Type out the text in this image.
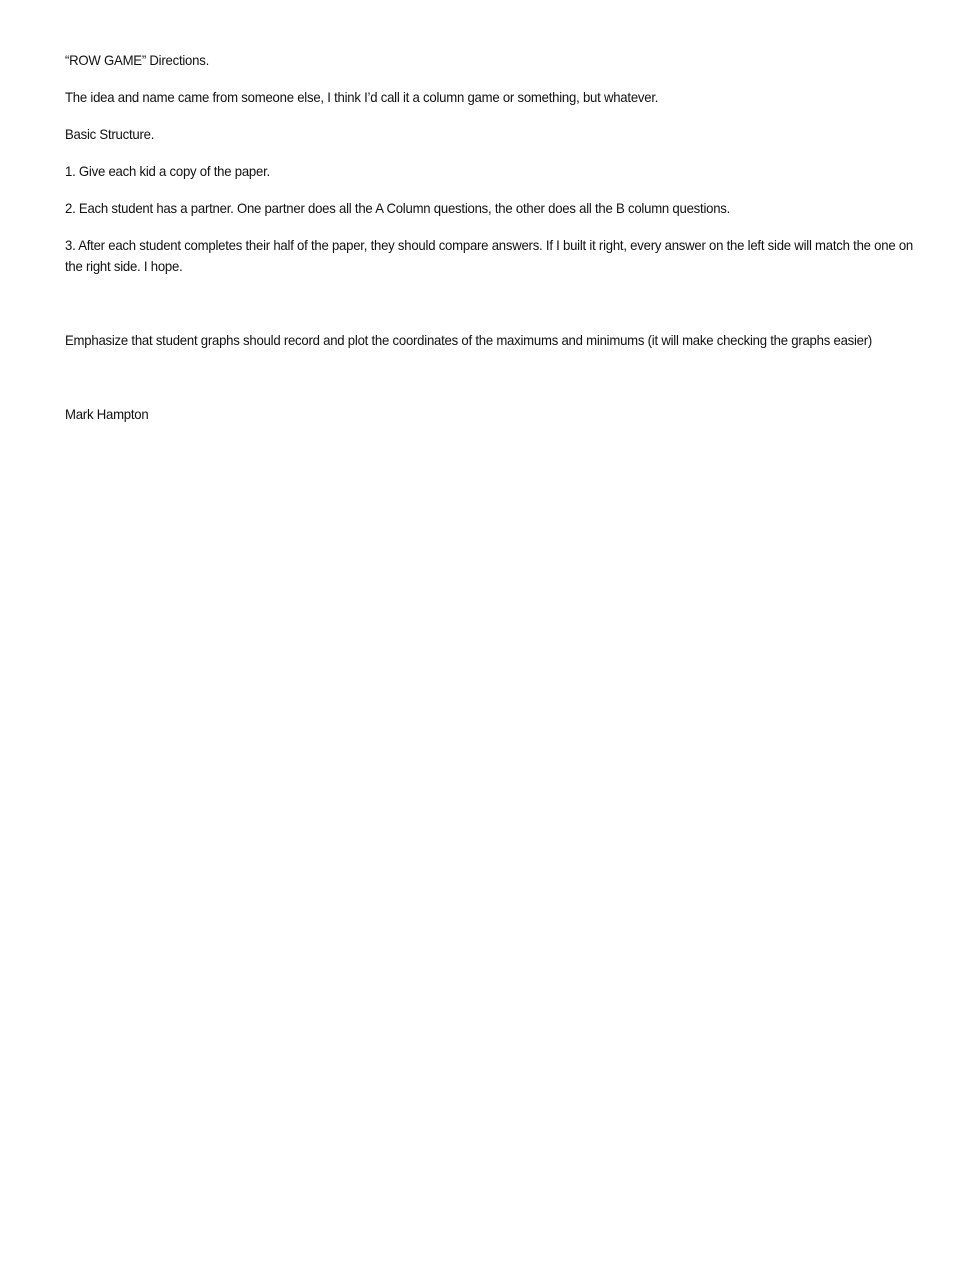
“ROW GAME” Directions.

The idea and name came from someone else, I think I’d call it a column game or something, but whatever.

Basic Structure.

1. Give each kid a copy of the paper.

2. Each student has a partner. One partner does all the A Column questions, the other does all the B column questions.

3. After each student completes their half of the paper, they should compare answers. If I built it right, every answer on the left side will match the one on the right side. I hope.

Emphasize that student graphs should record and plot the coordinates of the maximums and minimums (it will make checking the graphs easier)

Mark Hampton
